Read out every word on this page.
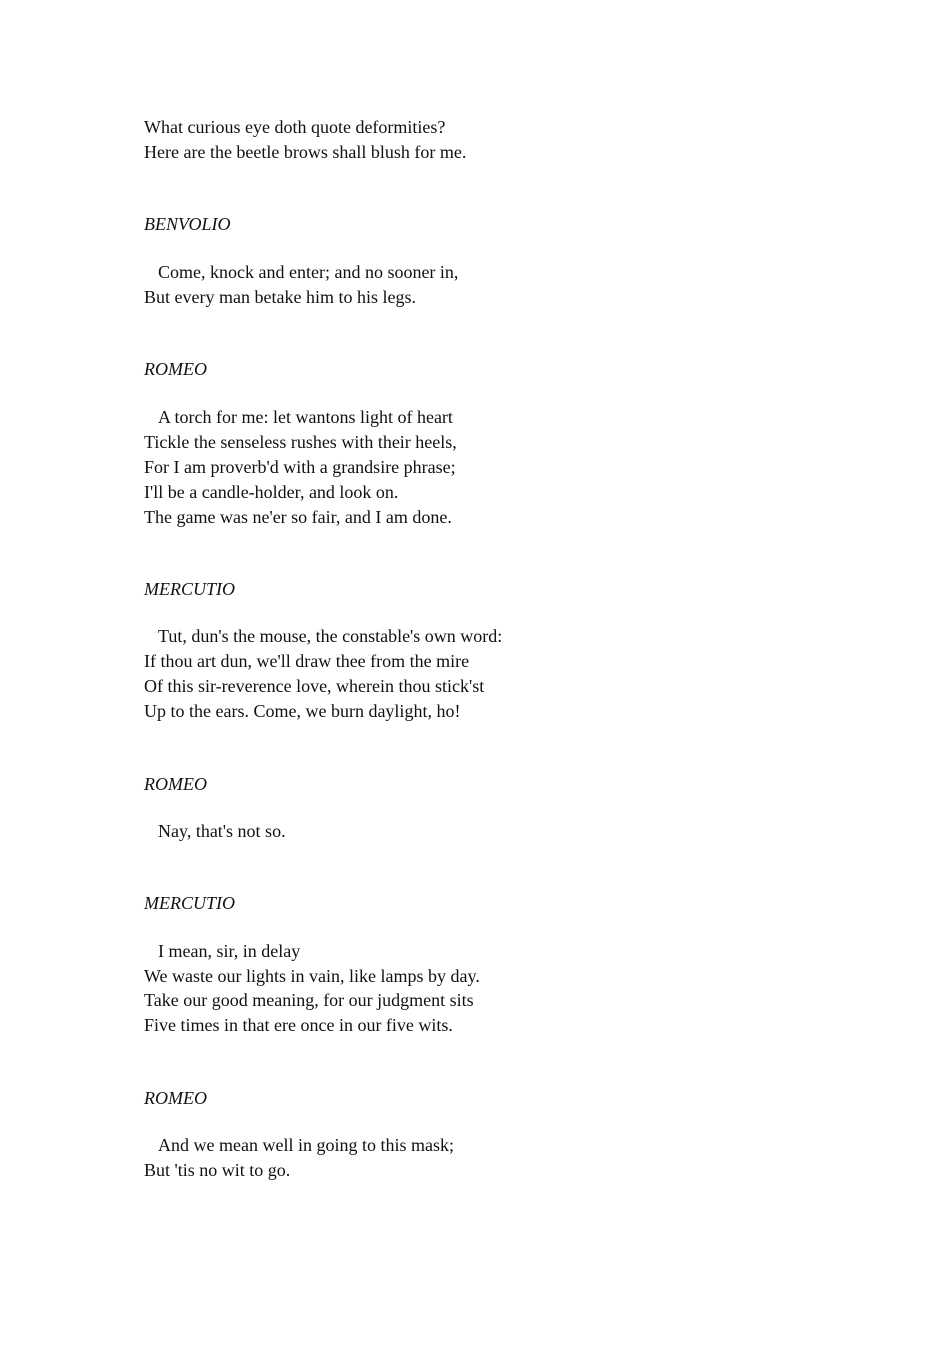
What curious eye doth quote deformities?
Here are the beetle brows shall blush for me.
BENVOLIO
Come, knock and enter; and no sooner in,
But every man betake him to his legs.
ROMEO
A torch for me: let wantons light of heart
Tickle the senseless rushes with their heels,
For I am proverb'd with a grandsire phrase;
I'll be a candle-holder, and look on.
The game was ne'er so fair, and I am done.
MERCUTIO
Tut, dun's the mouse, the constable's own word:
If thou art dun, we'll draw thee from the mire
Of this sir-reverence love, wherein thou stick'st
Up to the ears. Come, we burn daylight, ho!
ROMEO
Nay, that's not so.
MERCUTIO
I mean, sir, in delay
We waste our lights in vain, like lamps by day.
Take our good meaning, for our judgment sits
Five times in that ere once in our five wits.
ROMEO
And we mean well in going to this mask;
But 'tis no wit to go.
